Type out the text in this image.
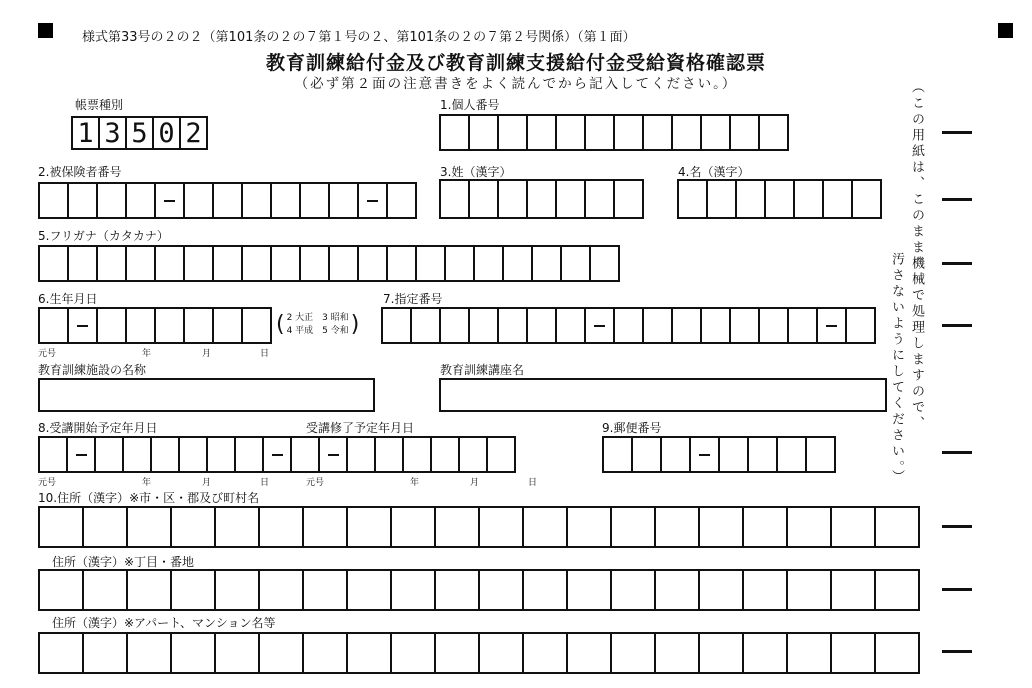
様式第33号の２の２（第101条の２の７第１号の２、第101条の２の７第２号関係）（第１面）
教育訓練給付金及び教育訓練支援給付金受給資格確認票
（必ず第２面の注意書きをよく読んでから記入してください。）
帳票種別
1 3 5 0 2
1.個人番号
2.被保険者番号	3.姓（漢字）	4.名（漢字）
5.フリガナ（カタカナ）
6.生年月日
元号	年	月	日
( 2 大正　3 昭和
4 平成　5 令和 )
7.指定番号
教育訓練施設の名称	教育訓練講座名
8.受講開始予定年月日	受講修了予定年月日
元号	年	月	日	元号	年	月	日
9.郵便番号
10.住所（漢字）※市・区・郡及び町村名
住所（漢字）※丁目・番地
住所（漢字）※アパート、マンション名等
（この用紙は、このまま機械で処理しますので、
汚さないようにしてください。）
